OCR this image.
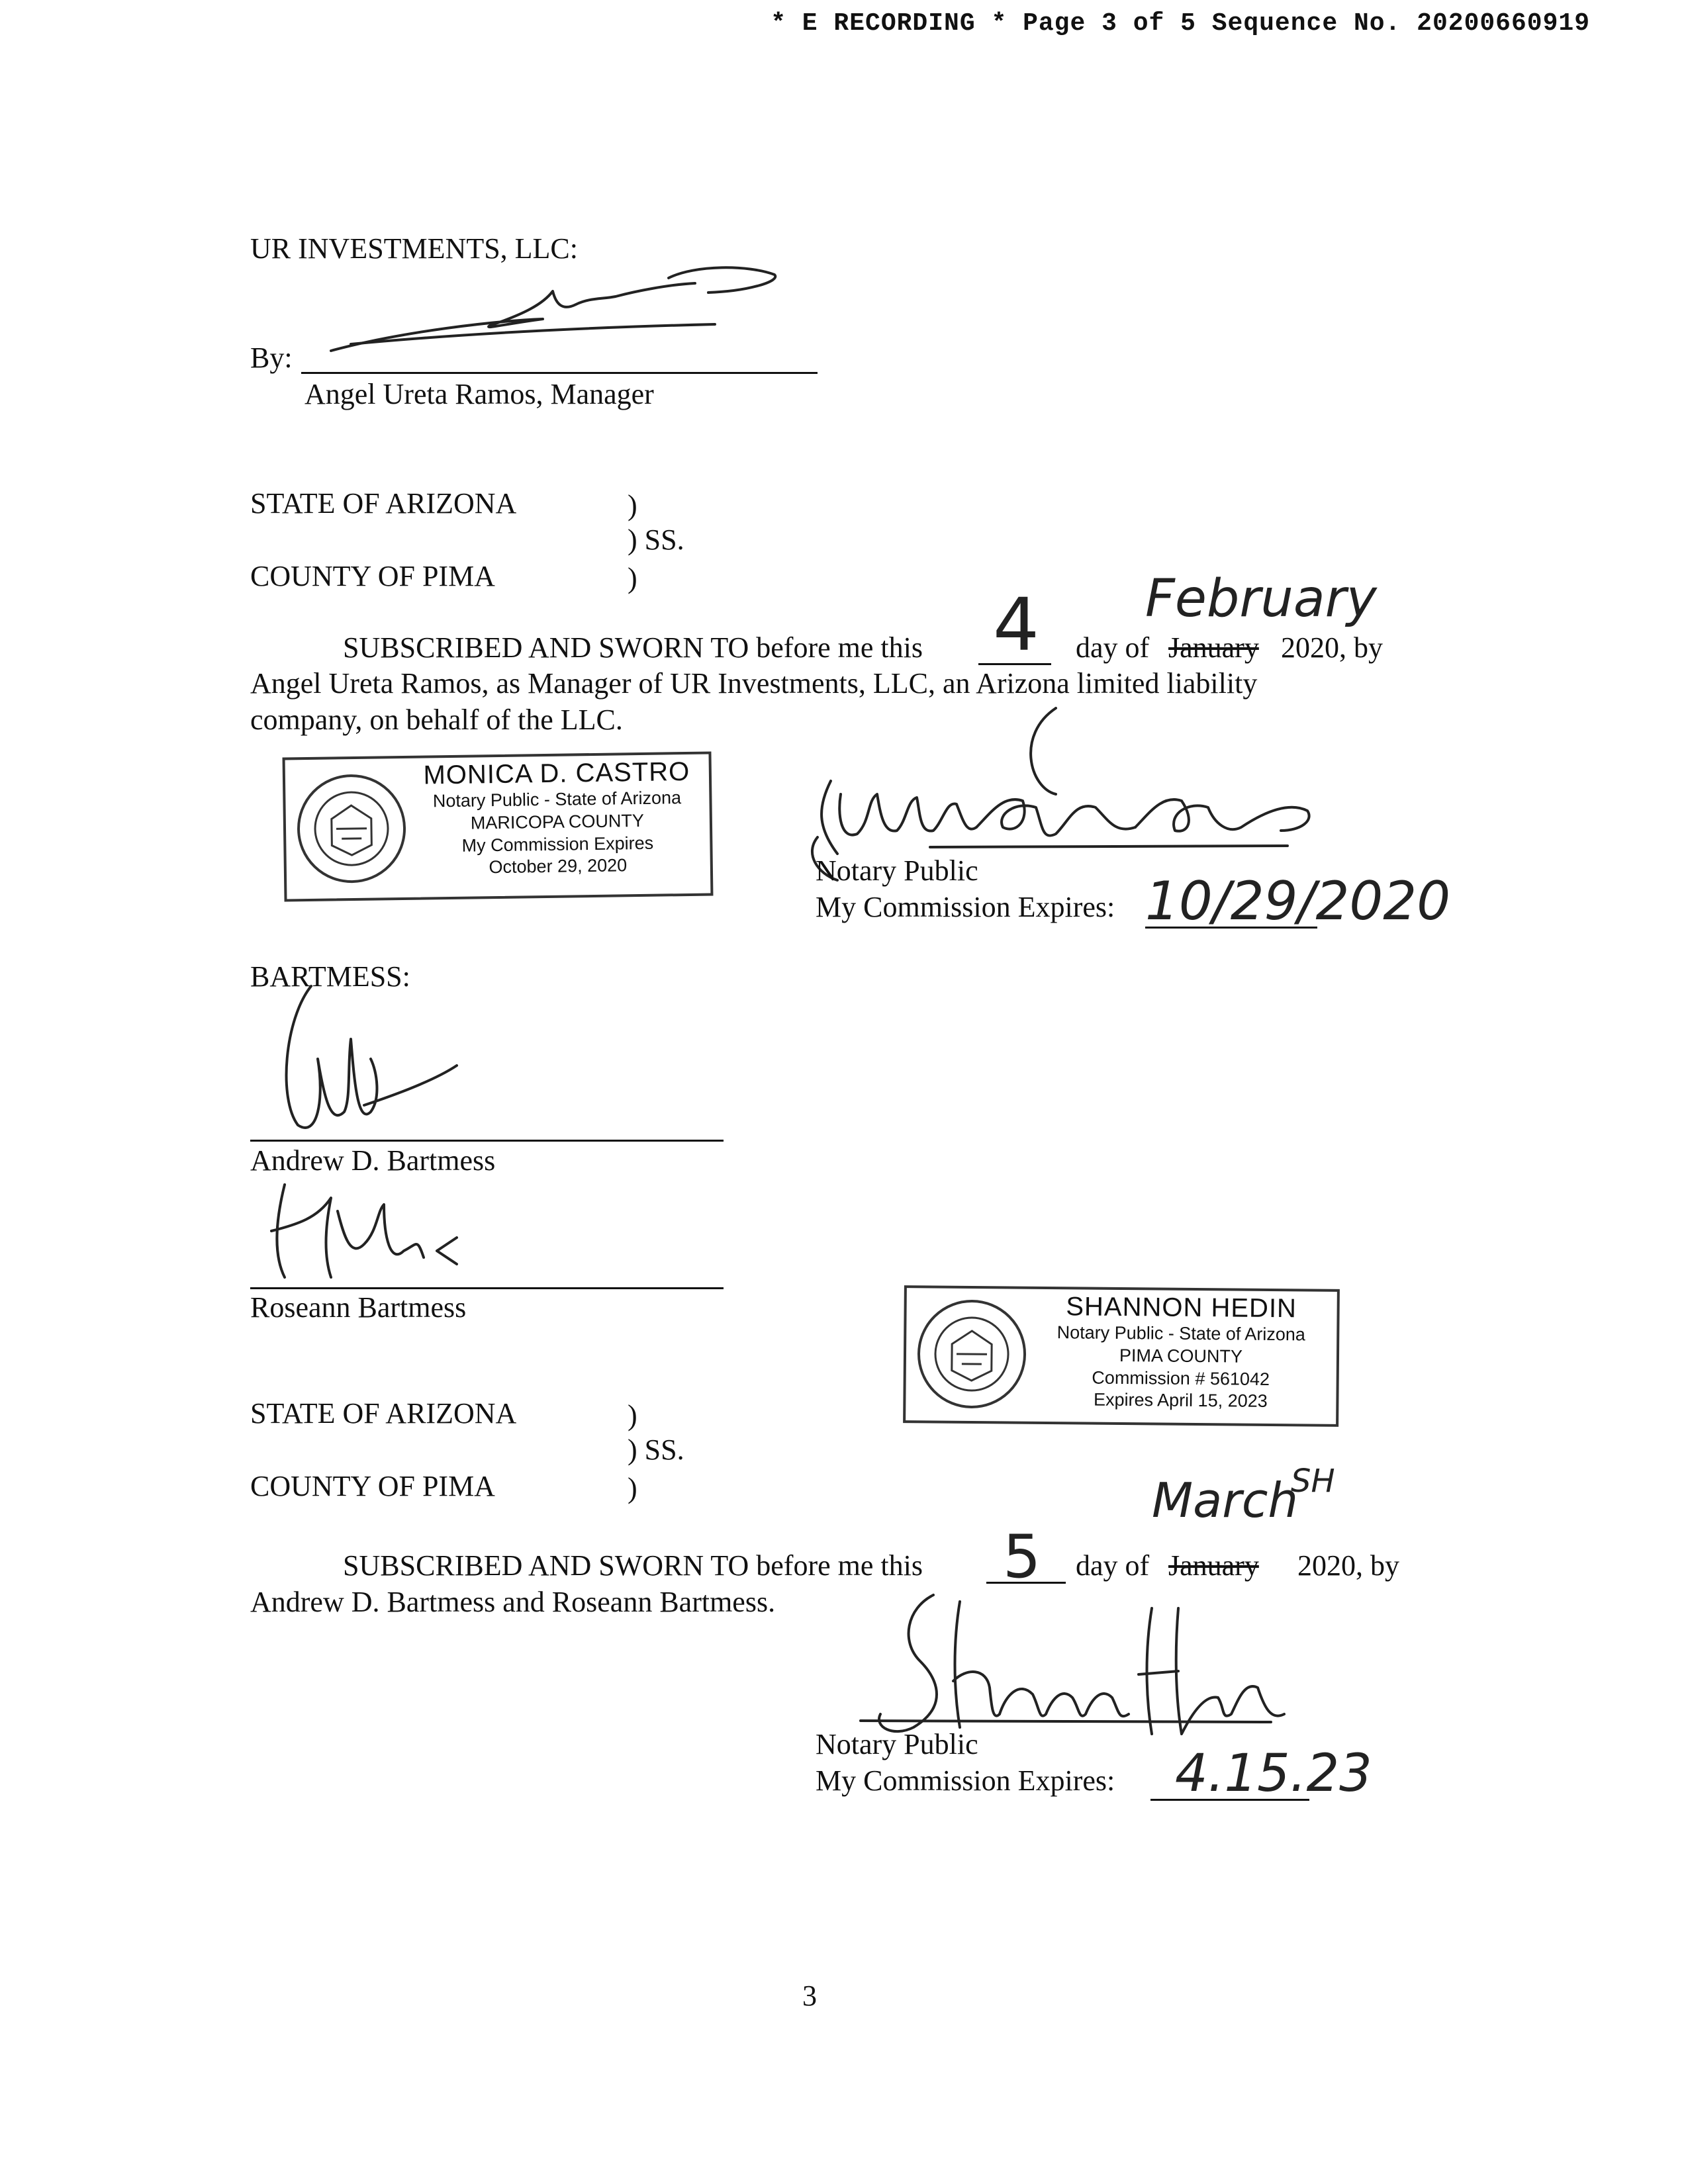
* E RECORDING * Page 3 of 5 Sequence No. 20200660919
UR INVESTMENTS, LLC:
By:
Angel Ureta Ramos, Manager
STATE OF ARIZONA	)
) SS.
COUNTY OF PIMA	)	February
SUBSCRIBED AND SWORN TO before me this 4 day of January 2020, by
Angel Ureta Ramos, as Manager of UR Investments, LLC, an Arizona limited liability
company, on behalf of the LLC.
MONICA D. CASTRO
Notary Public - State of Arizona
MARICOPA COUNTY
My Commission Expires
October 29, 2020	Notary Public
My Commission Expires: 10/29/2020
BARTMESS:
Andrew D. Bartmess
Roseann Bartmess	SHANNON HEDIN
Notary Public - State of Arizona
PIMA COUNTY
Commission # 561042
Expires April 15, 2023
STATE OF ARIZONA	)
) SS.
COUNTY OF PIMA	)	March
SH
SUBSCRIBED AND SWORN TO before me this 5 day of January 2020, by
Andrew D. Bartmess and Roseann Bartmess.
Notary Public
My Commission Expires: 4.15.23
3
